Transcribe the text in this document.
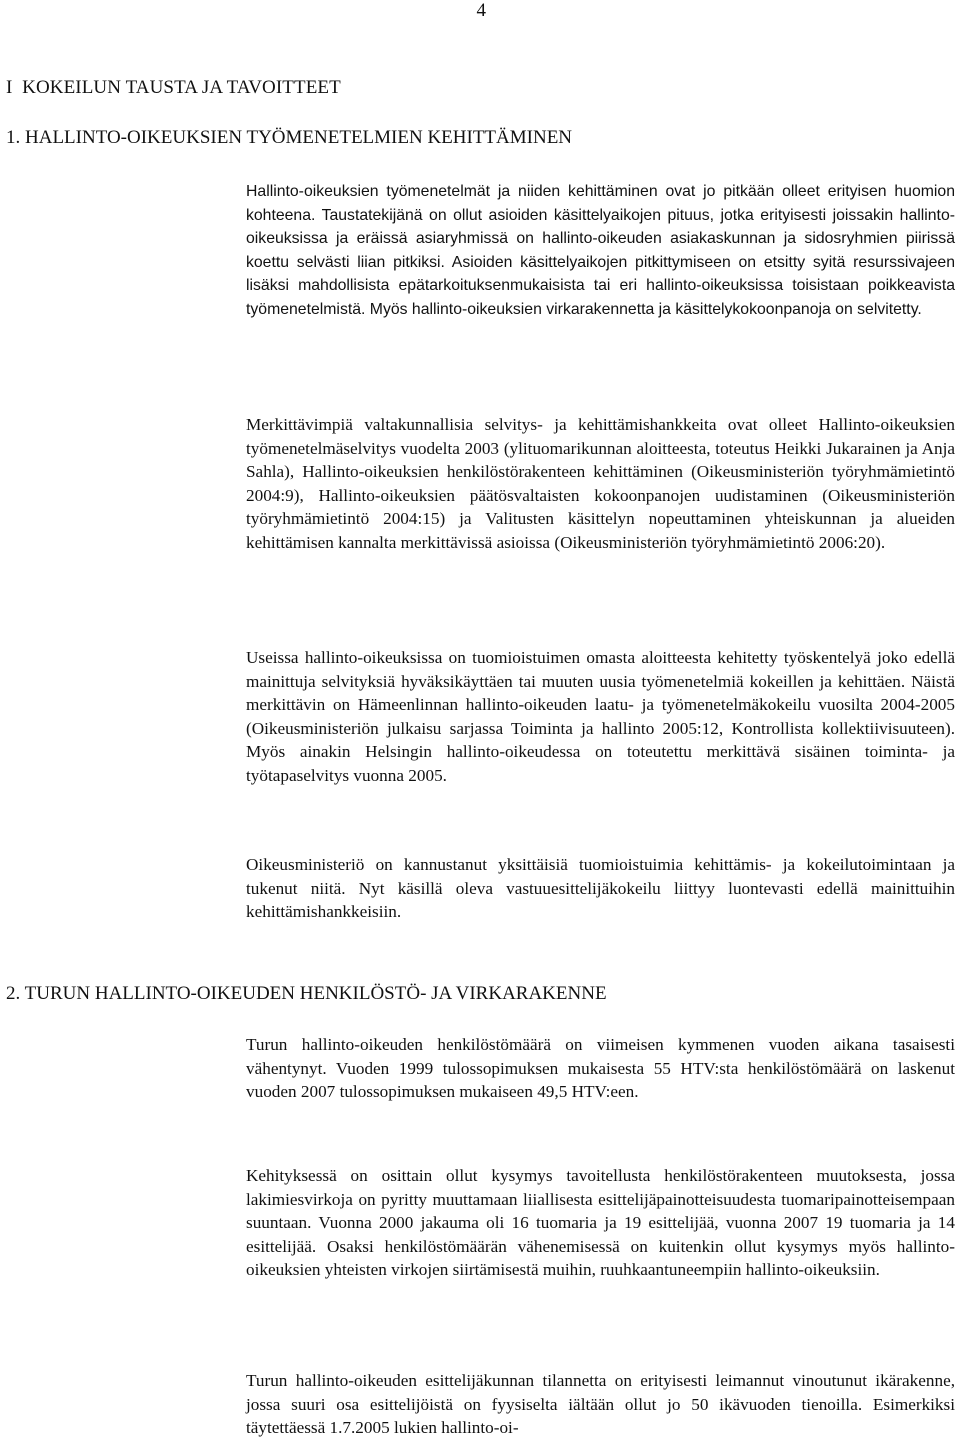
4
I  KOKEILUN TAUSTA JA TAVOITTEET
1. HALLINTO-OIKEUKSIEN TYÖMENETELMIEN KEHITTÄMINEN

Hallinto-oikeuksien työmenetelmät ja niiden kehittäminen ovat jo pitkään olleet erityisen huomion kohteena. Taustatekijänä on ollut asioiden käsittelyaikojen pituus, jotka erityisesti joissakin hallinto-oikeuksissa ja eräissä asiaryhmissä on hallinto-oikeuden asiakaskunnan ja sidosryhmien piirissä koettu selvästi liian pitkiksi. Asioiden käsittelyaikojen pitkittymiseen on etsitty syitä resurssivajeen lisäksi mahdollisista epätarkoituksenmukaisista tai eri hallinto-oikeuksissa toisistaan poikkeavista työmenetelmistä. Myös hallinto-oikeuksien virkarakennetta ja käsittelykokoonpanoja on selvitetty.

Merkittävimpiä valtakunnallisia selvitys- ja kehittämishankkeita ovat olleet Hallinto-oikeuksien työmenetelmäselvitys vuodelta 2003 (ylituomarikunnan aloitteesta, toteutus Heikki Jukarainen ja Anja Sahla), Hallinto-oikeuksien henkilöstörakenteen kehittäminen (Oikeusministeriön työryhmämietintö 2004:9), Hallinto-oikeuksien päätösvaltaisten kokoonpanojen uudistaminen (Oikeusministeriön työryhmämietintö 2004:15) ja Valitusten käsittelyn nopeuttaminen yhteiskunnan ja alueiden kehittämisen kannalta merkittävissä asioissa (Oikeusministeriön työryhmämietintö 2006:20).

Useissa hallinto-oikeuksissa on tuomioistuimen omasta aloitteesta kehitetty työskentelyä joko edellä mainittuja selvityksiä hyväksikäyttäen tai muuten uusia työmenetelmiä kokeillen ja kehittäen. Näistä merkittävin on Hämeenlinnan hallinto-oikeuden laatu- ja työmenetelmäkokeilu vuosilta 2004-2005 (Oikeusministeriön julkaisu sarjassa Toiminta ja hallinto 2005:12, Kontrollista kollektiivisuuteen). Myös ainakin Helsingin hallinto-oikeudessa on toteutettu merkittävä sisäinen toiminta- ja työtapaselvitys vuonna 2005.

Oikeusministeriö on kannustanut yksittäisiä tuomioistuimia kehittämis- ja kokeilutoimintaan ja tukenut niitä. Nyt käsillä oleva vastuuesittelijäkokeilu liittyy luontevasti edellä mainittuihin kehittämishankkeisiin.

2. TURUN HALLINTO-OIKEUDEN HENKILÖSTÖ- JA VIRKARAKENNE

Turun hallinto-oikeuden henkilöstömäärä on viimeisen kymmenen vuoden aikana tasaisesti vähentynyt. Vuoden 1999 tulossopimuksen mukaisesta 55 HTV:sta henkilöstömäärä on laskenut vuoden 2007 tulossopimuksen mukaiseen 49,5 HTV:een.

Kehityksessä on osittain ollut kysymys tavoitellusta henkilöstörakenteen muutoksesta, jossa lakimiesvirkoja on pyritty muuttamaan liiallisesta esittelijäpainotteisuudesta tuomaripainotteisempaan suuntaan. Vuonna 2000 jakauma oli 16 tuomaria ja 19 esittelijää, vuonna 2007 19 tuomaria ja 14 esittelijää. Osaksi henkilöstömäärän vähenemisessä on kuitenkin ollut kysymys myös hallinto-oikeuksien yhteisten virkojen siirtämisestä muihin, ruuhkaantuneempiin hallinto-oikeuksiin.

Turun hallinto-oikeuden esittelijäkunnan tilannetta on erityisesti leimannut vinoutunut ikärakenne, jossa suuri osa esittelijöistä on fyysiselta iältään ollut jo 50 ikävuoden tienoilla. Esimerkiksi täytettäessä 1.7.2005 lukien hallinto-oi-
